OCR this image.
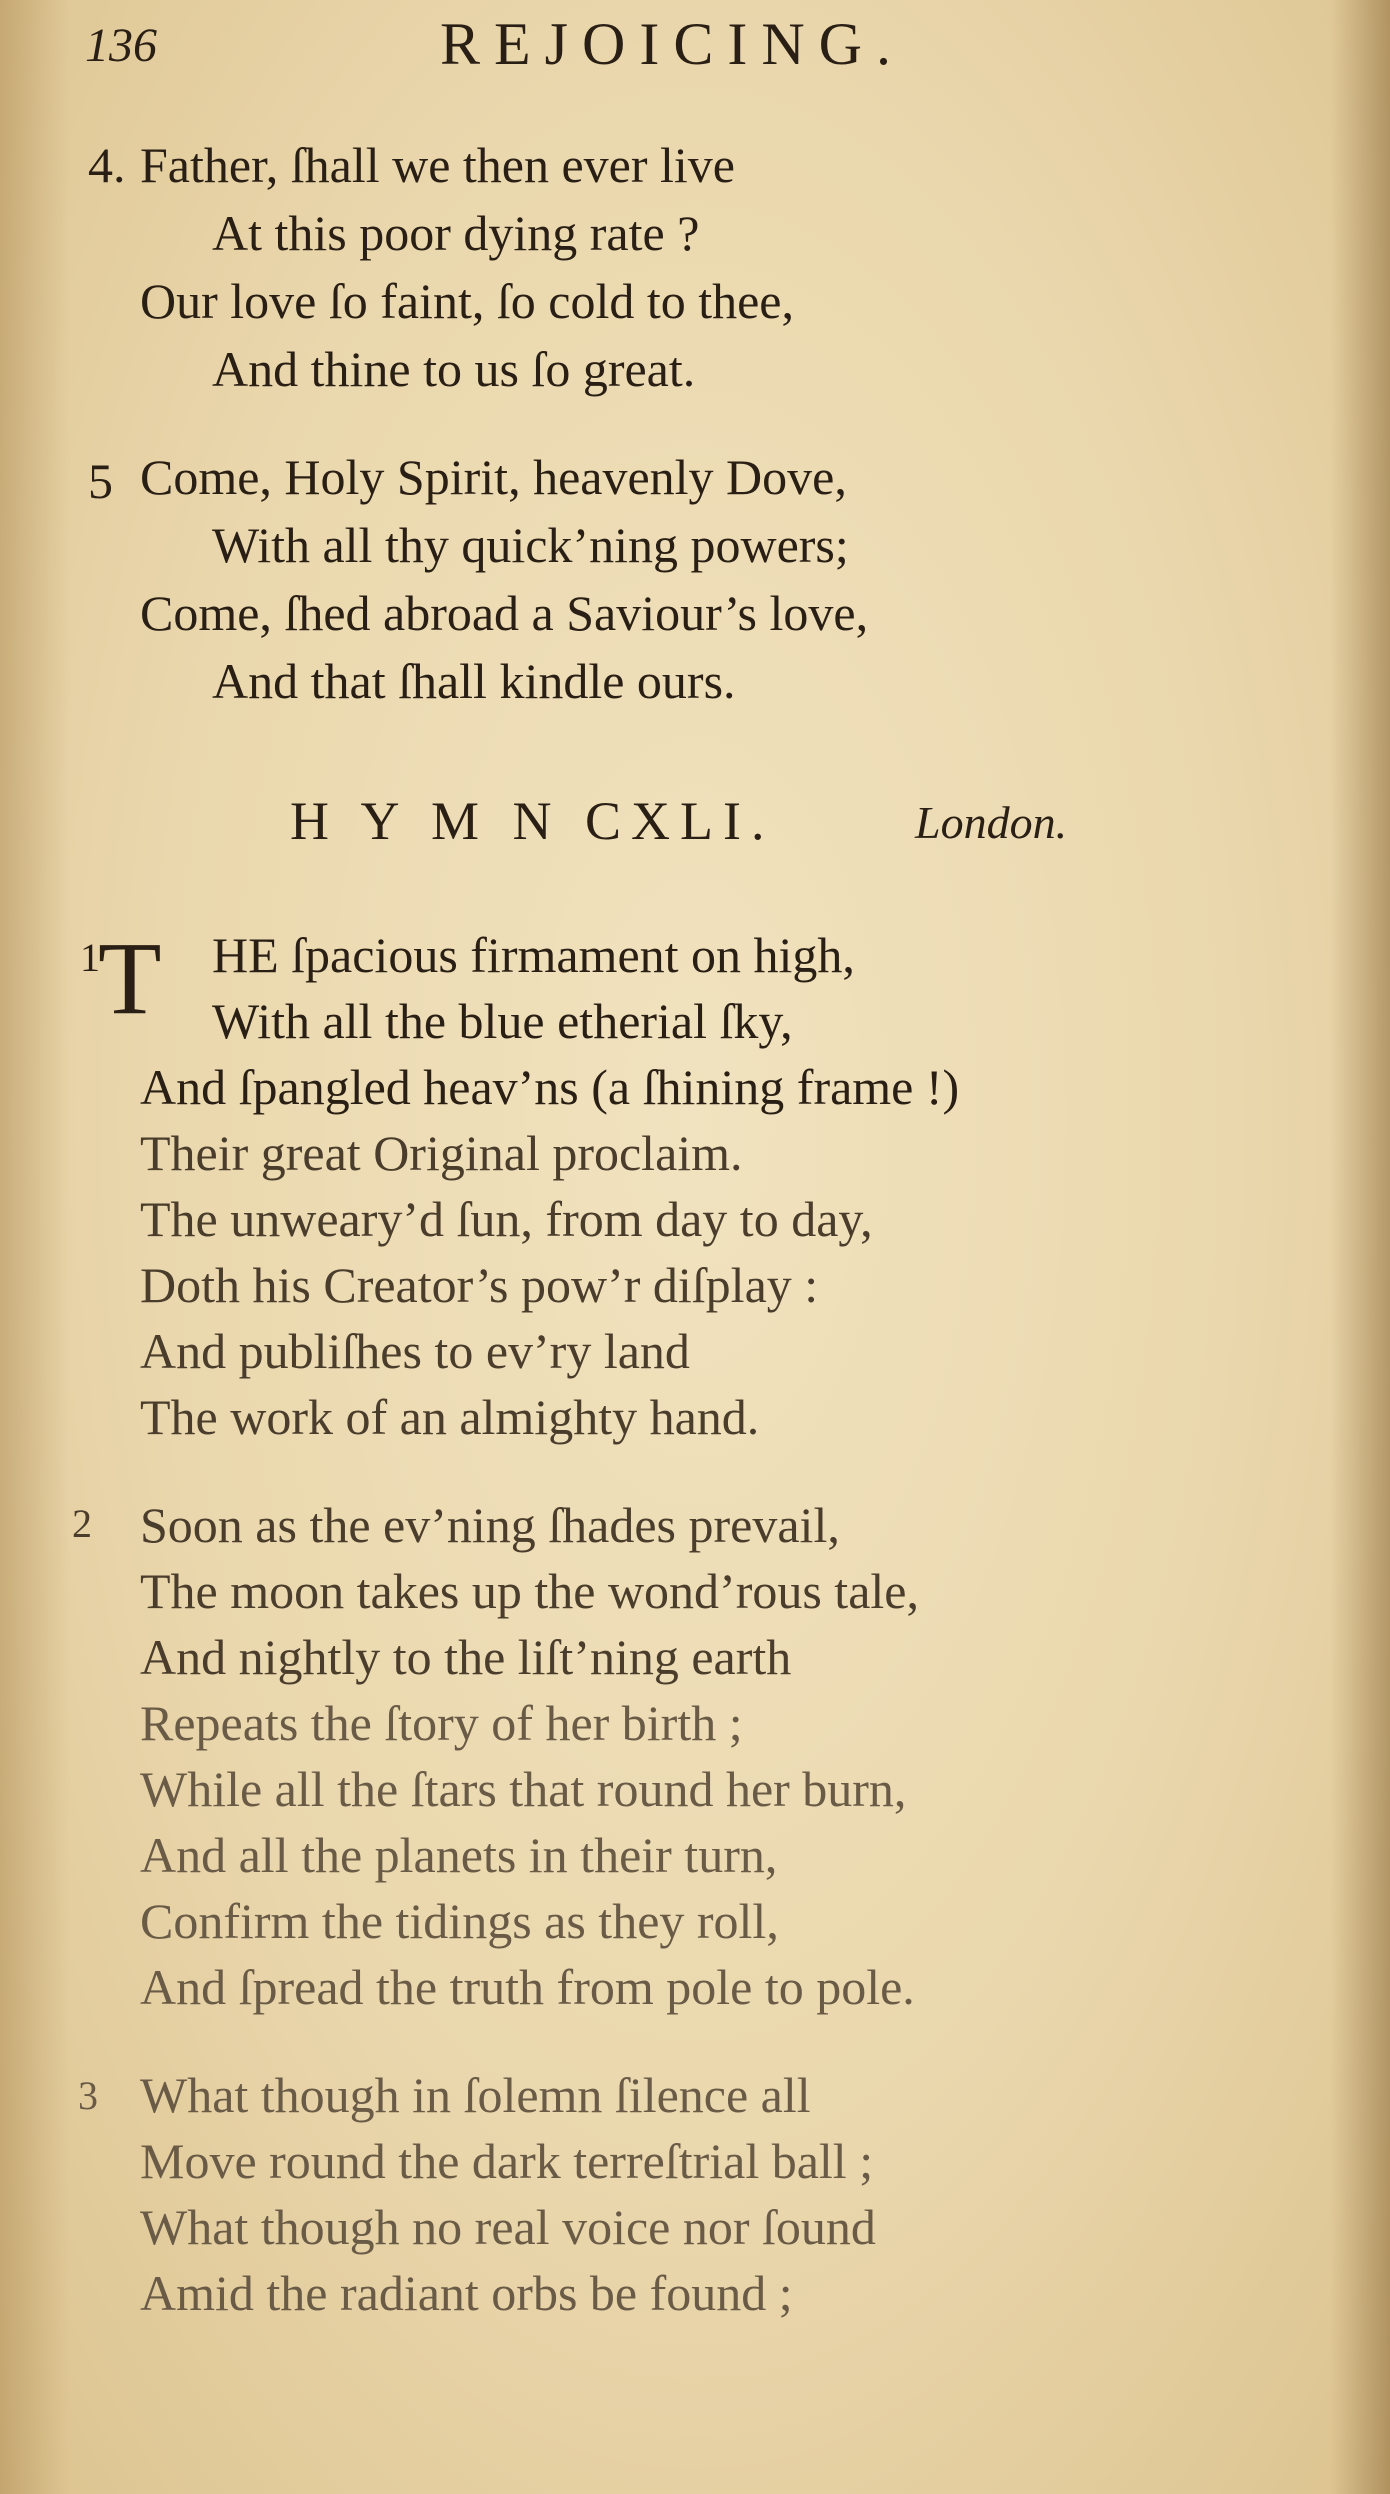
136	REJOICING.
4. Father, ſhall we then ever live
At this poor dying rate ?
Our love ſo faint, ſo cold to thee,
And thine to us ſo great.
5 Come, Holy Spirit, heavenly Dove,
With all thy quick’ning powers;
Come, ſhed abroad a Saviour’s love,
And that ſhall kindle ours.
H Y M N CXLI.	London.
1
T HE ſpacious firmament on high,
With all the blue etherial ſky,
And ſpangled heav’ns (a ſhining frame !)
Their great Original proclaim.
The unweary’d ſun, from day to day,
Doth his Creator’s pow’r diſplay :
And publiſhes to ev’ry land
The work of an almighty hand.
2 Soon as the ev’ning ſhades prevail,
The moon takes up the wond’rous tale,
And nightly to the liſt’ning earth
Repeats the ſtory of her birth ;
While all the ſtars that round her burn,
And all the planets in their turn,
Confirm the tidings as they roll,
And ſpread the truth from pole to pole.
3 What though in ſolemn ſilence all
Move round the dark terreſtrial ball ;
What though no real voice nor ſound
Amid the radiant orbs be found ;
